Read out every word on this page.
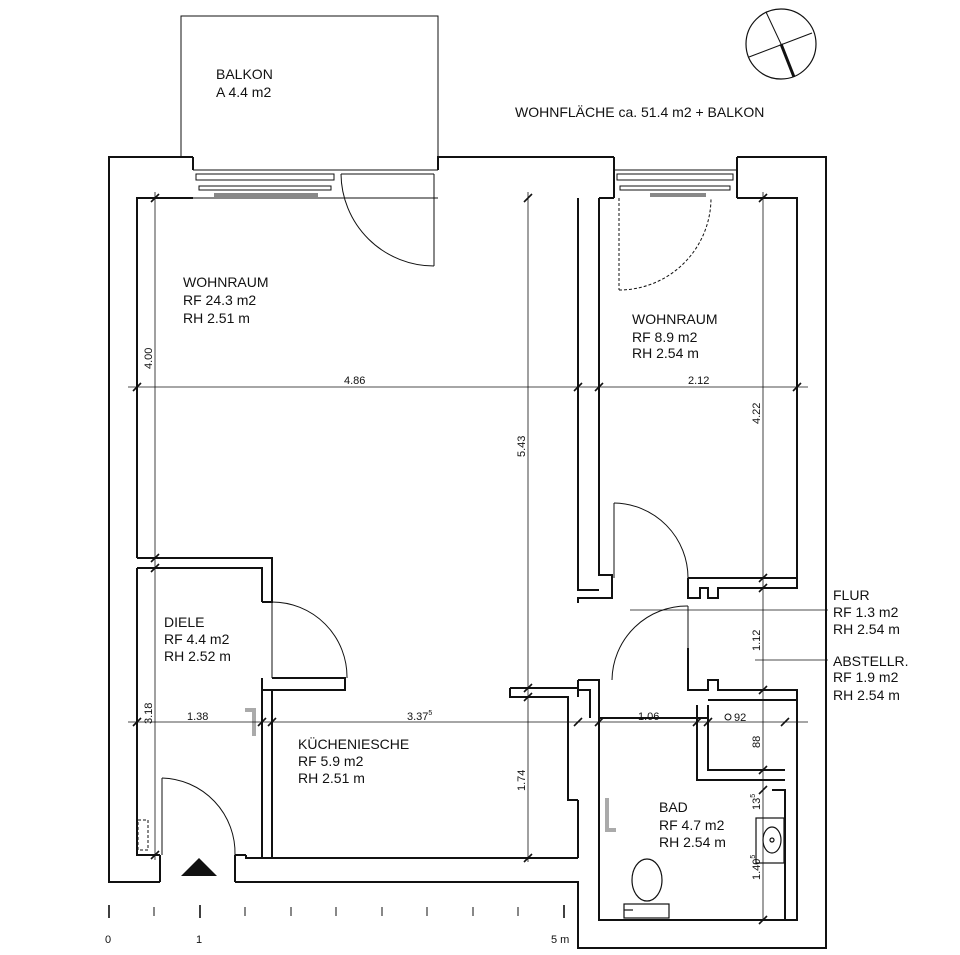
WOHNFLÄCHE ca. 51.4 m2 + BALKON
BALKON
A 4.4 m2
4.86	2.12
1.38	3.37$^5$	1.06	92
4.00
3.18
5.43
1.74
4.22
1.12
88
$13^5$
1.40$^5$
WOHNRAUM
RF 24.3 m2
RH 2.51 m	WOHNRAUM
RF 8.9 m2
RH 2.54 m
DIELE
RF 4.4 m2
RH 2.52 m
KÜCHENIESCHE
RF 5.9 m2
RH 2.51 m
FLUR
RF 1.3 m2
RH 2.54 m
ABSTELLR.
RF 1.9 m2
RH 2.54 m
BAD
RF 4.7 m2
RH 2.54 m
0	1	5 m
